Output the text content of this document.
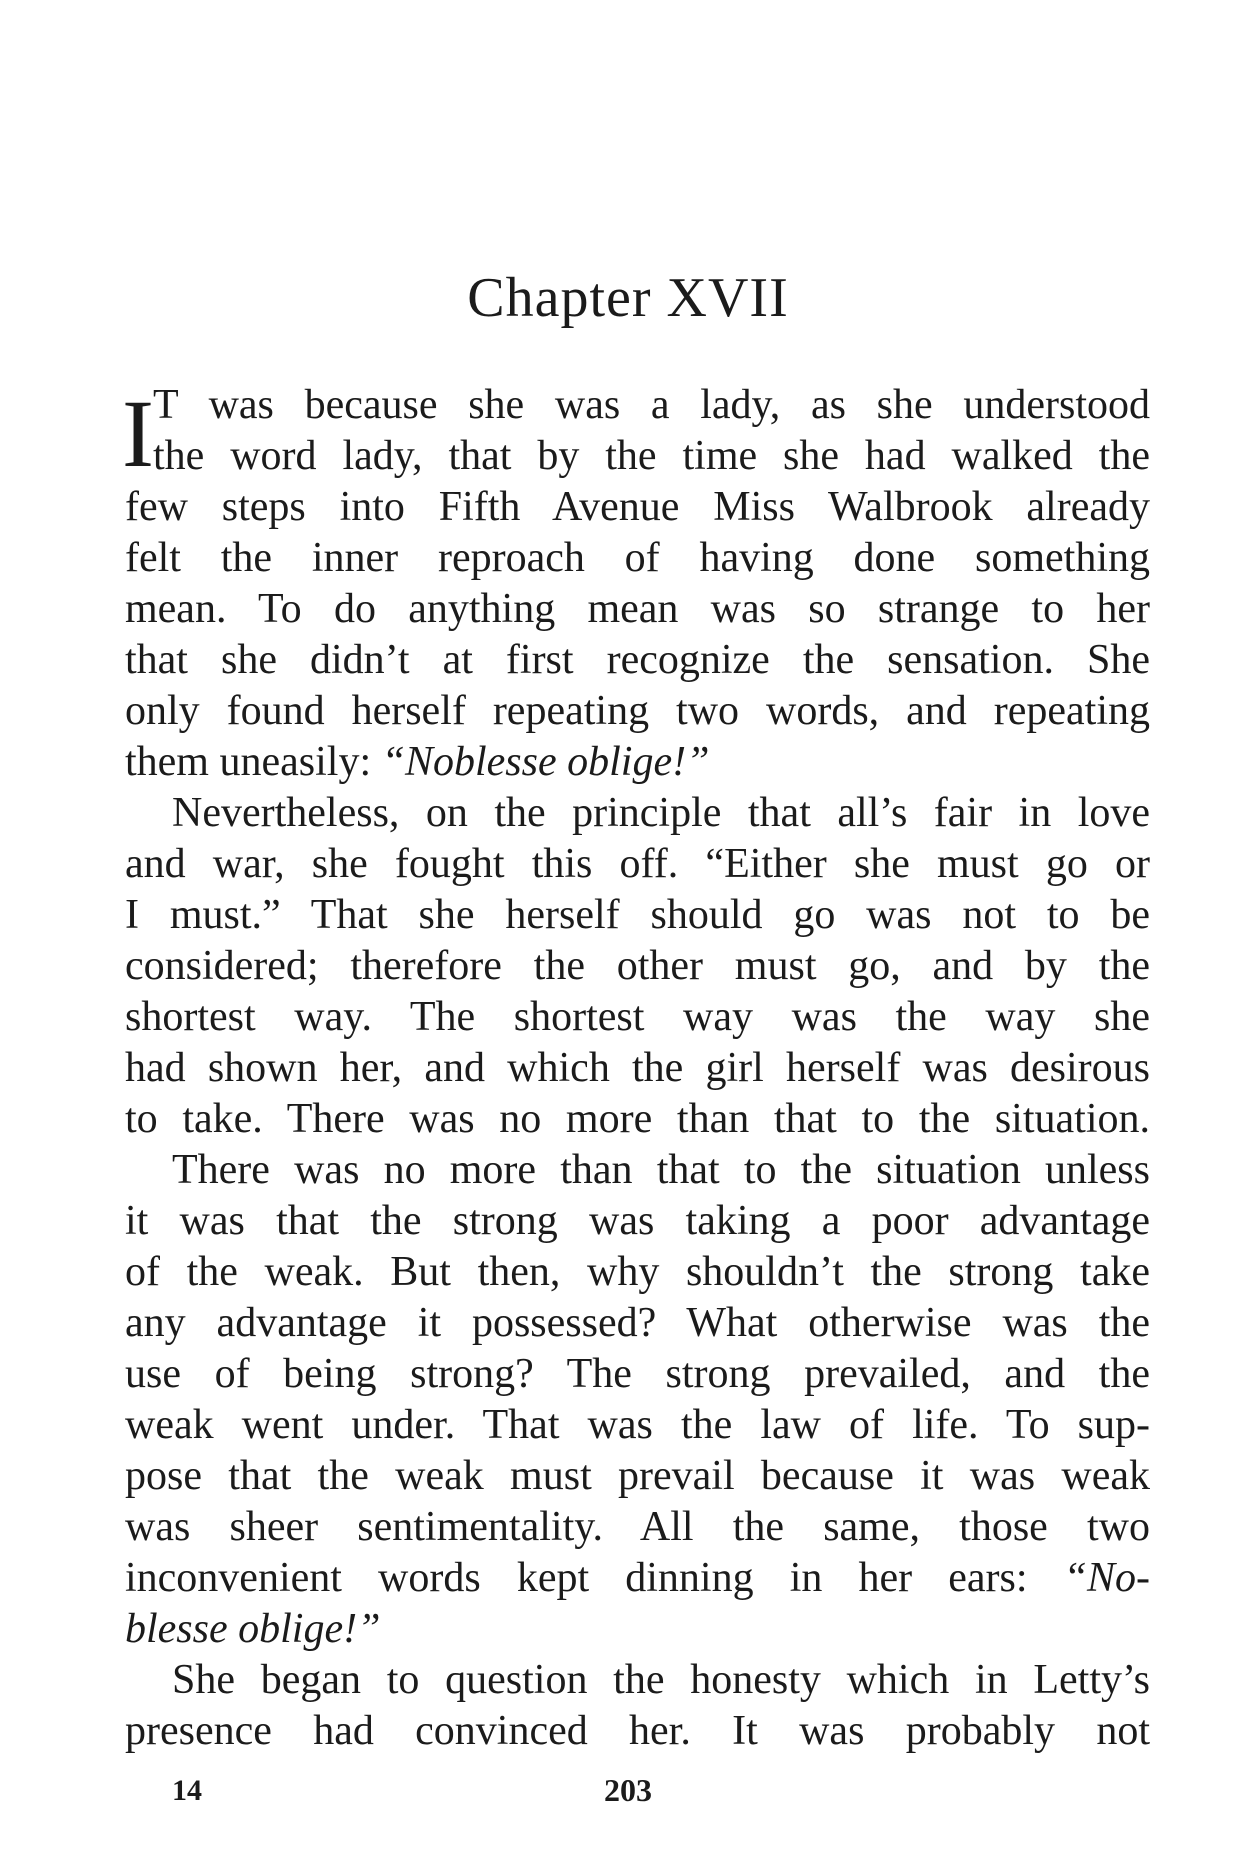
Chapter XVII
I T was because she was a lady, as she understood
the word lady, that by the time she had walked the
few steps into Fifth Avenue Miss Walbrook already
felt the inner reproach of having done something
mean. To do anything mean was so strange to her
that she didn’t at first recognize the sensation. She
only found herself repeating two words, and repeating
them uneasily: “Noblesse oblige!”
Nevertheless, on the principle that all’s fair in love
and war, she fought this off. “Either she must go or
I must.” That she herself should go was not to be
considered; therefore the other must go, and by the
shortest way. The shortest way was the way she
had shown her, and which the girl herself was desirous
to take. There was no more than that to the situation.
There was no more than that to the situation unless
it was that the strong was taking a poor advantage
of the weak. But then, why shouldn’t the strong take
any advantage it possessed? What otherwise was the
use of being strong? The strong prevailed, and the
weak went under. That was the law of life. To sup-
pose that the weak must prevail because it was weak
was sheer sentimentality. All the same, those two
inconvenient words kept dinning in her ears: “No-
blesse oblige!”
She began to question the honesty which in Letty’s
presence had convinced her. It was probably not
14	203
